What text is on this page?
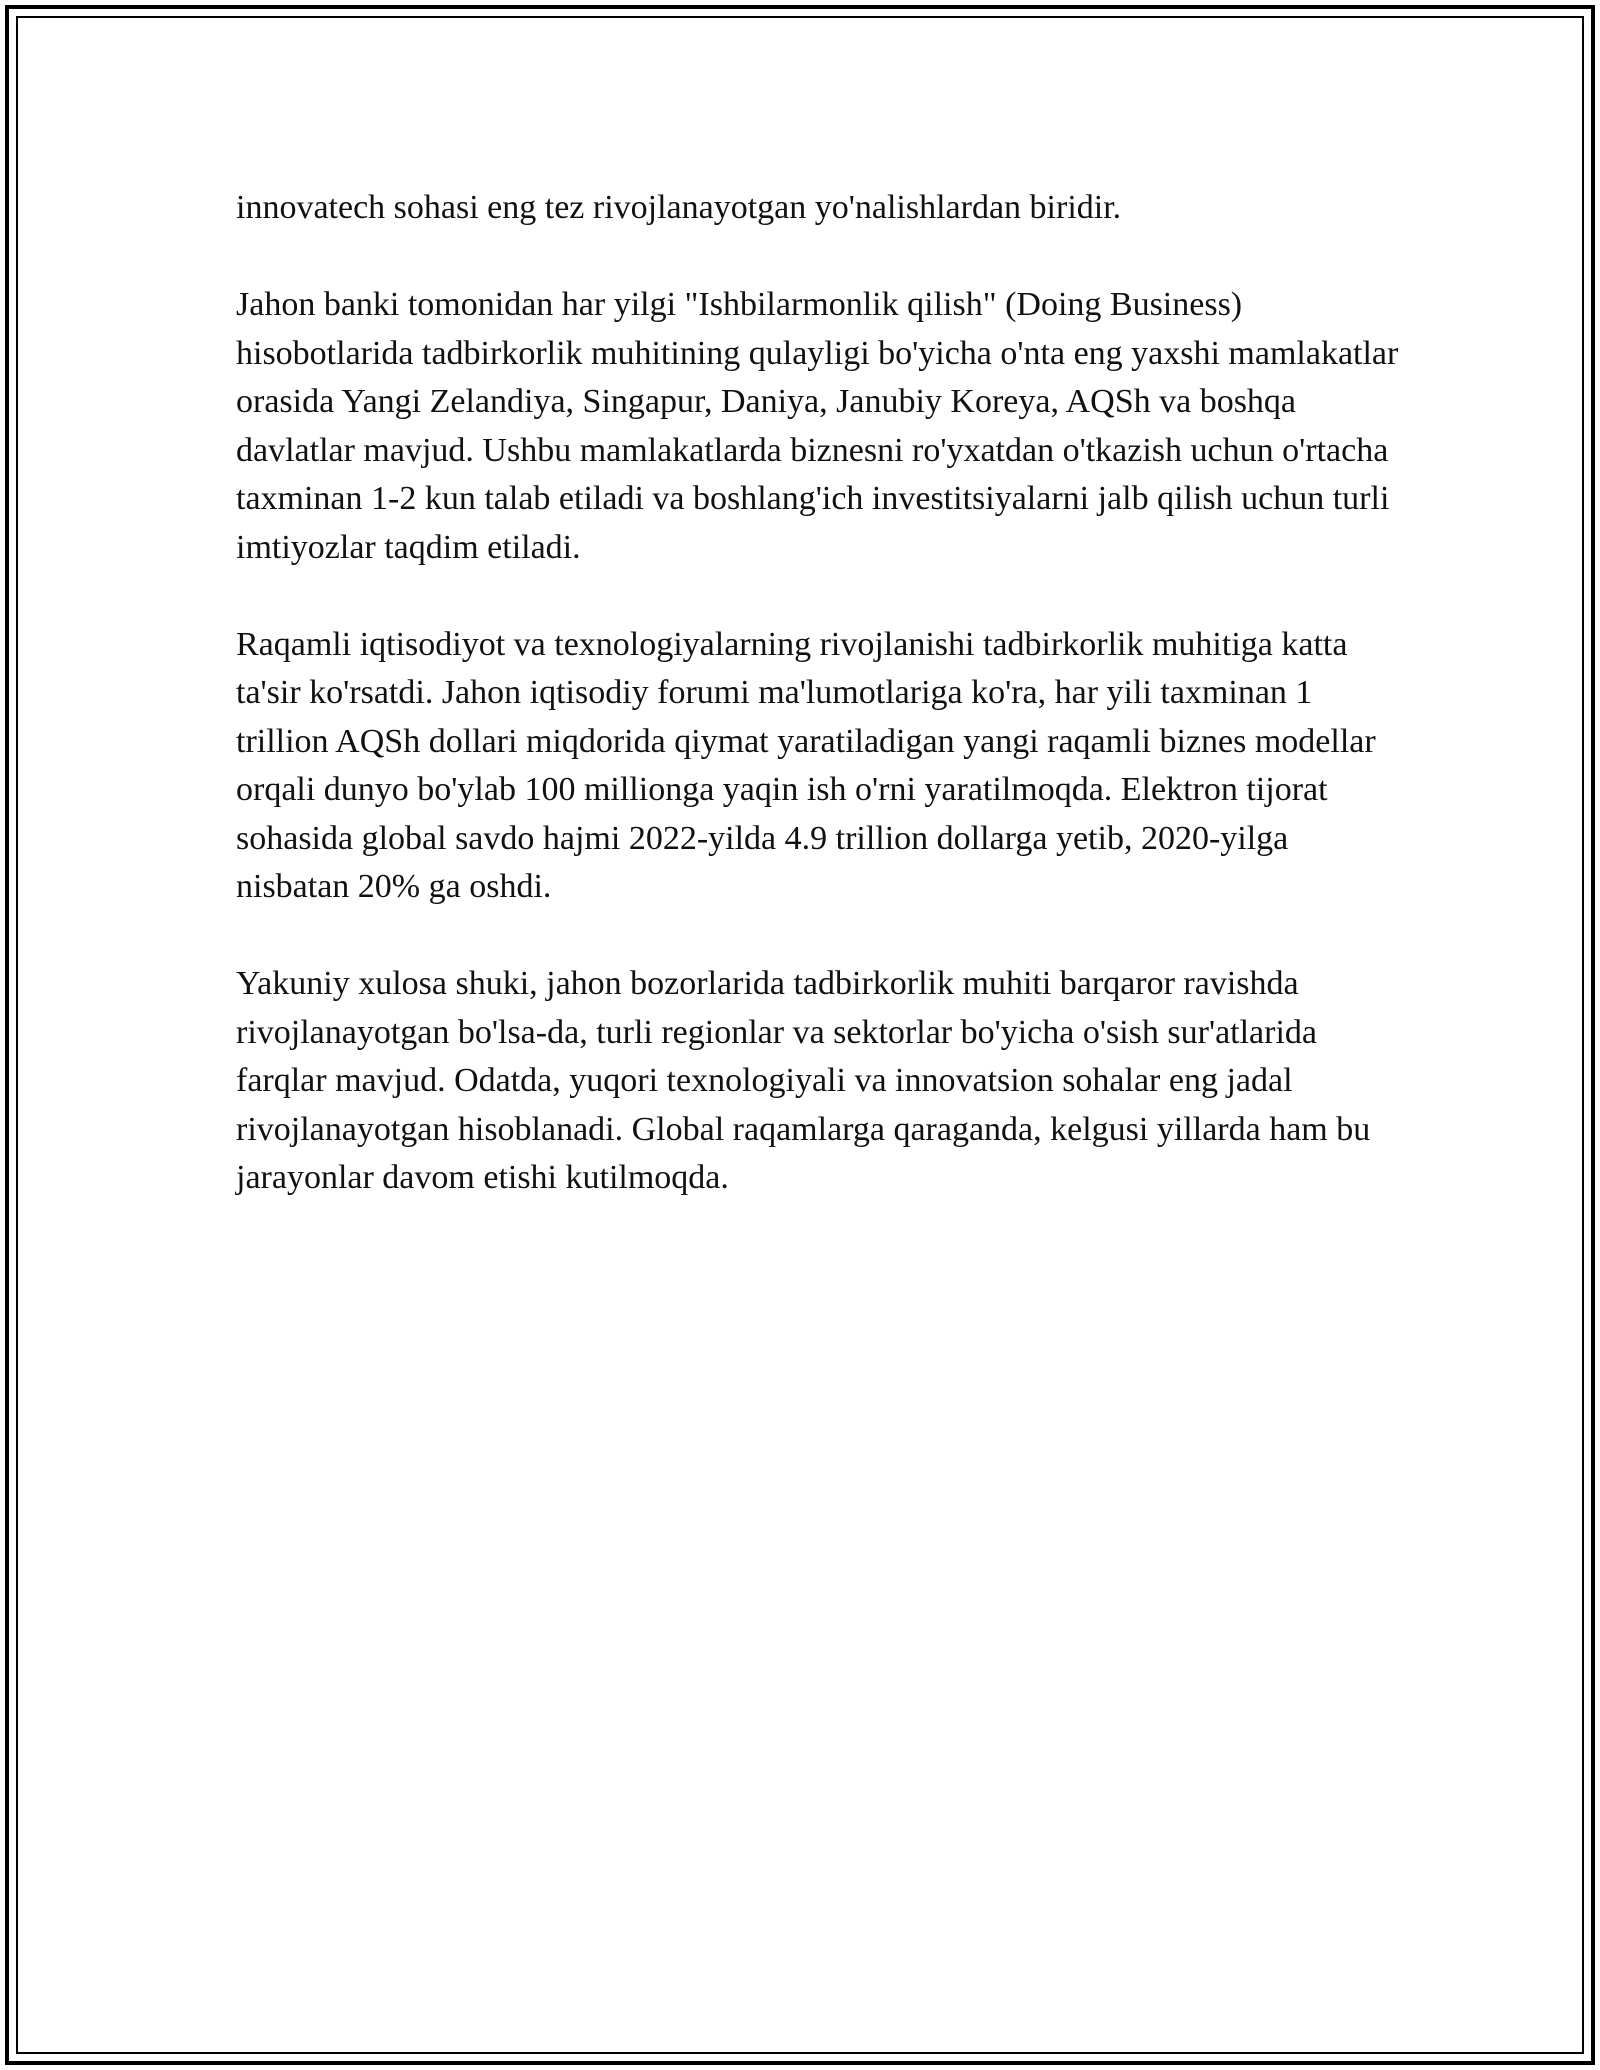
innovatech sohasi eng tez rivojlanayotgan yo'nalishlardan biridir.

Jahon banki tomonidan har yilgi "Ishbilarmonlik qilish" (Doing Business) hisobotlarida tadbirkorlik muhitining qulayligi bo'yicha o'nta eng yaxshi mamlakatlar orasida Yangi Zelandiya, Singapur, Daniya, Janubiy Koreya, AQSh va boshqa davlatlar mavjud. Ushbu mamlakatlarda biznesni ro'yxatdan o'tkazish uchun o'rtacha taxminan 1-2 kun talab etiladi va boshlang'ich investitsiyalarni jalb qilish uchun turli imtiyozlar taqdim etiladi.

Raqamli iqtisodiyot va texnologiyalarning rivojlanishi tadbirkorlik muhitiga katta ta'sir ko'rsatdi. Jahon iqtisodiy forumi ma'lumotlariga ko'ra, har yili taxminan 1 trillion AQSh dollari miqdorida qiymat yaratiladigan yangi raqamli biznes modellar orqali dunyo bo'ylab 100 millionga yaqin ish o'rni yaratilmoqda. Elektron tijorat sohasida global savdo hajmi 2022-yilda 4.9 trillion dollarga yetib, 2020-yilga nisbatan 20% ga oshdi.

Yakuniy xulosa shuki, jahon bozorlarida tadbirkorlik muhiti barqaror ravishda rivojlanayotgan bo'lsa-da, turli regionlar va sektorlar bo'yicha o'sish sur'atlarida farqlar mavjud. Odatda, yuqori texnologiyali va innovatsion sohalar eng jadal rivojlanayotgan hisoblanadi. Global raqamlarga qaraganda, kelgusi yillarda ham bu jarayonlar davom etishi kutilmoqda.
